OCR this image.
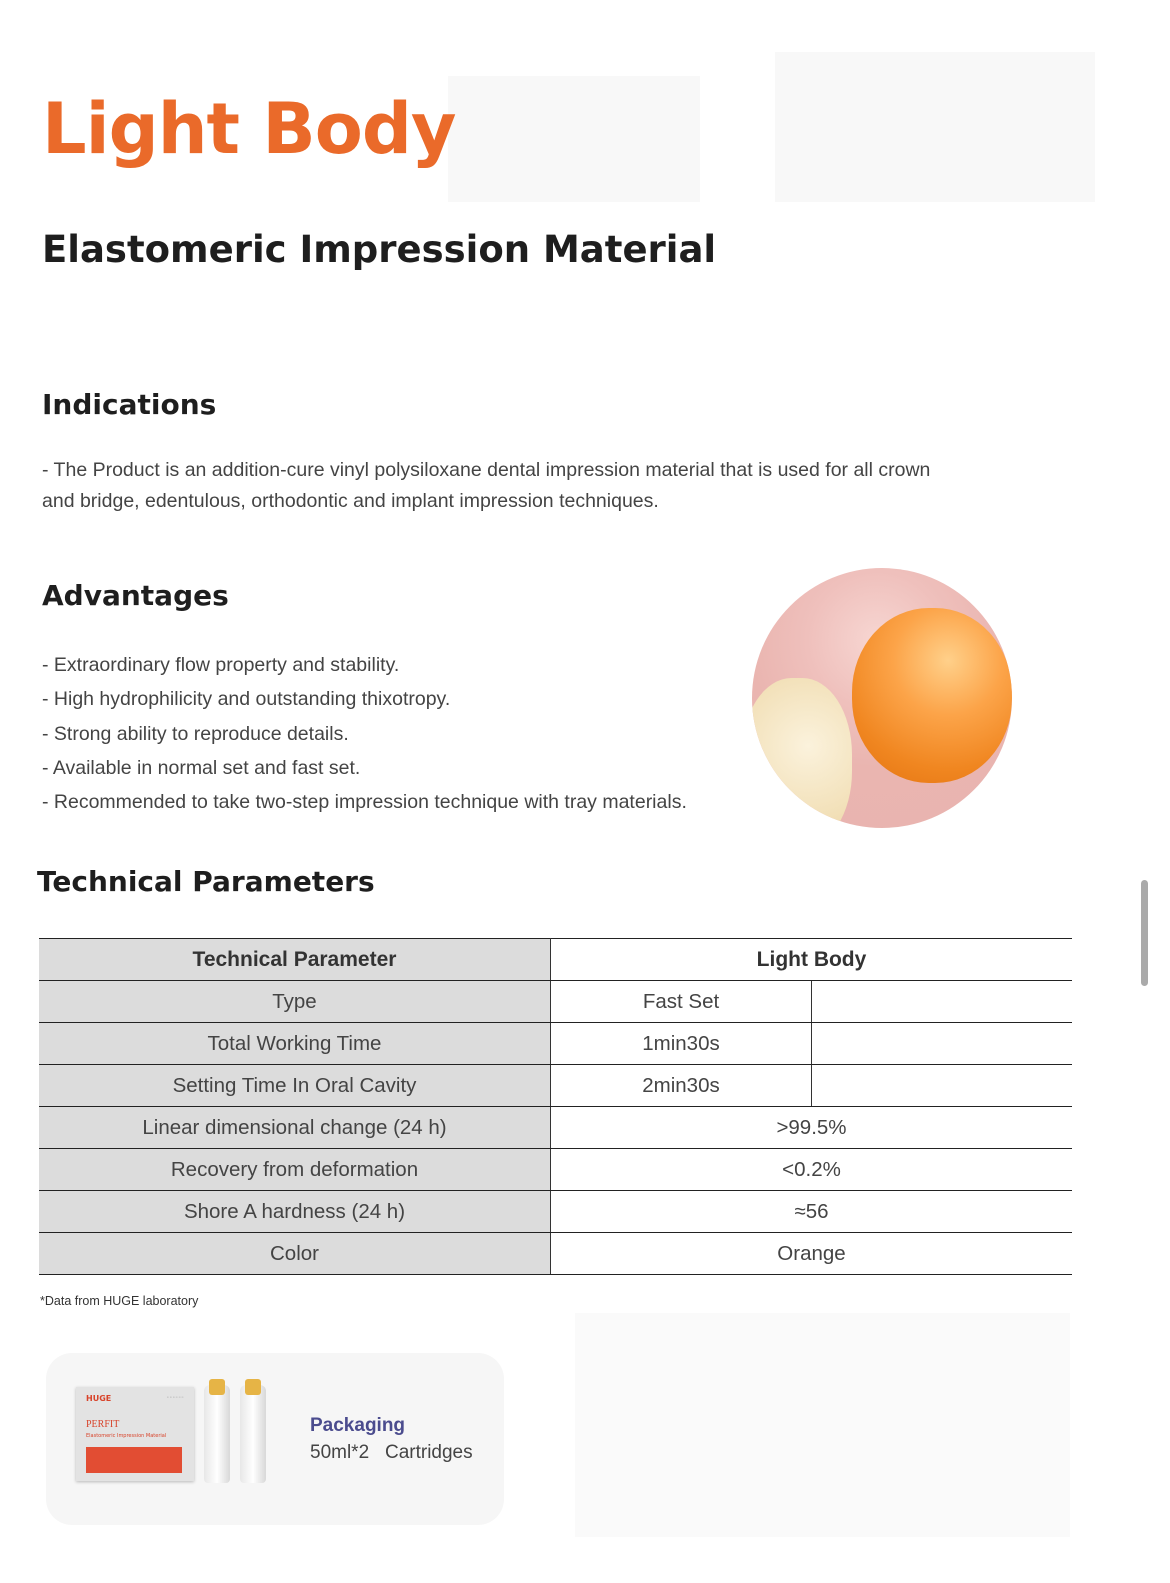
Light Body
Elastomeric Impression Material
Indications

- The Product is an addition-cure vinyl polysiloxane dental impression material that is used for all crown and bridge, edentulous, orthodontic and implant impression techniques.

Advantages
- Extraordinary flow property and stability.
- High hydrophilicity and outstanding thixotropy.
- Strong ability to reproduce details.
- Available in normal set and fast set.
- Recommended to take two-step impression technique with tray materials.
Technical Parameters
Technical Parameter	Light Body	
Type	Fast Set	
Total Working Time	1min30s	
Setting Time In Oral Cavity	2min30s	
Linear dimensional change (24 h)	>99.5%	
Recovery from deformation	<0.2%	
Shore A hardness (24 h)	≈56	
Color	Orange	

*Data from HUGE laboratory

HUGE	◦◦◦◦◦◦
PERFIT
Elastomeric Impression Material	Packaging

50ml*2   Cartridges
